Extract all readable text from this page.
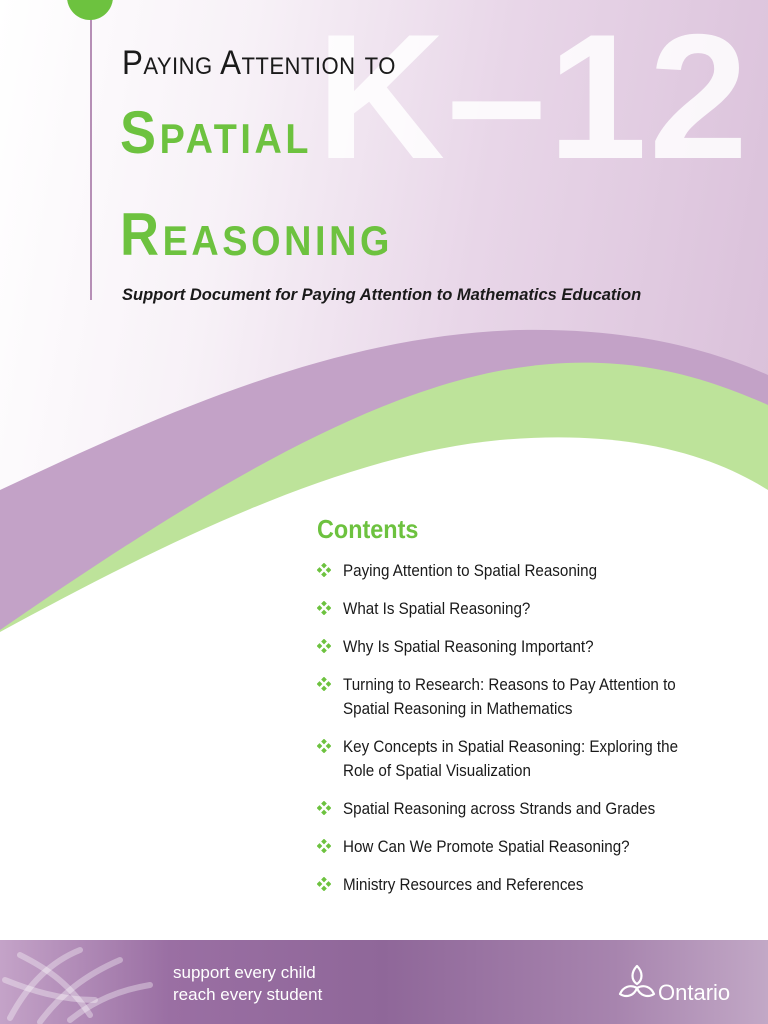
K–12
Paying Attention to
Spatial
Reasoning
Support Document for Paying Attention to Mathematics Education
Contents
Paying Attention to Spatial Reasoning
What Is Spatial Reasoning?
Why Is Spatial Reasoning Important?
Turning to Research: Reasons to Pay Attention to Spatial Reasoning in Mathematics
Key Concepts in Spatial Reasoning: Exploring the Role of Spatial Visualization
Spatial Reasoning across Strands and Grades
How Can We Promote Spatial Reasoning?
Ministry Resources and References
support every child
reach every student	Ontario
